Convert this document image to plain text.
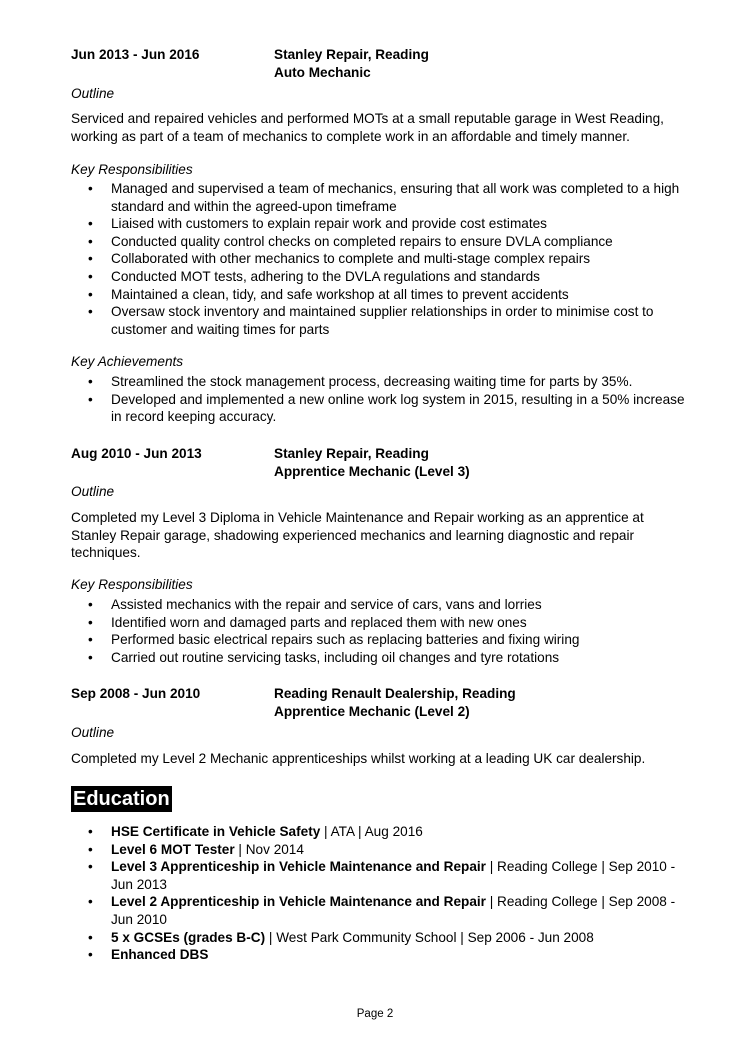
Jun 2013 - Jun 2016	Stanley Repair, Reading
Auto Mechanic
Outline
Serviced and repaired vehicles and performed MOTs at a small reputable garage in West Reading, working as part of a team of mechanics to complete work in an affordable and timely manner.
Key Responsibilities
• Managed and supervised a team of mechanics, ensuring that all work was completed to a high standard and within the agreed-upon timeframe
• Liaised with customers to explain repair work and provide cost estimates
• Conducted quality control checks on completed repairs to ensure DVLA compliance
• Collaborated with other mechanics to complete and multi-stage complex repairs
• Conducted MOT tests, adhering to the DVLA regulations and standards
• Maintained a clean, tidy, and safe workshop at all times to prevent accidents
• Oversaw stock inventory and maintained supplier relationships in order to minimise cost to customer and waiting times for parts
Key Achievements
• Streamlined the stock management process, decreasing waiting time for parts by 35%.
• Developed and implemented a new online work log system in 2015, resulting in a 50% increase in record keeping accuracy.
Aug 2010 - Jun 2013	Stanley Repair, Reading
Apprentice Mechanic (Level 3)
Outline
Completed my Level 3 Diploma in Vehicle Maintenance and Repair working as an apprentice at Stanley Repair garage, shadowing experienced mechanics and learning diagnostic and repair techniques.
Key Responsibilities
• Assisted mechanics with the repair and service of cars, vans and lorries
• Identified worn and damaged parts and replaced them with new ones
• Performed basic electrical repairs such as replacing batteries and fixing wiring
• Carried out routine servicing tasks, including oil changes and tyre rotations
Sep 2008 - Jun 2010	Reading Renault Dealership, Reading
Apprentice Mechanic (Level 2)
Outline
Completed my Level 2 Mechanic apprenticeships whilst working at a leading UK car dealership.
Education
• HSE Certificate in Vehicle Safety | ATA | Aug 2016
• Level 6 MOT Tester | Nov 2014
• Level 3 Apprenticeship in Vehicle Maintenance and Repair | Reading College | Sep 2010 - Jun 2013
• Level 2 Apprenticeship in Vehicle Maintenance and Repair | Reading College | Sep 2008 - Jun 2010
• 5 x GCSEs (grades B-C) | West Park Community School | Sep 2006 - Jun 2008
• Enhanced DBS
Page 2
